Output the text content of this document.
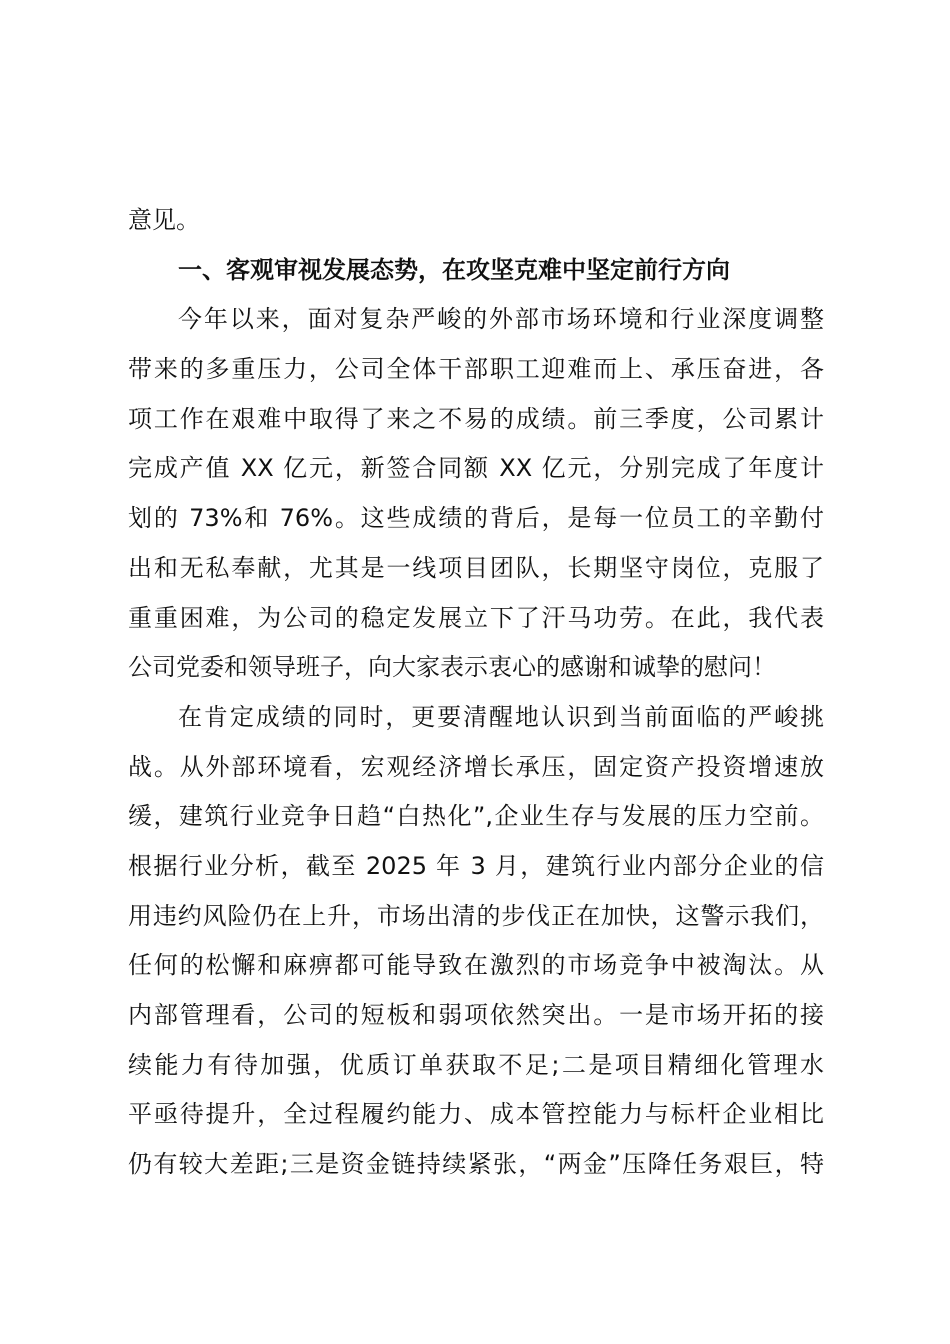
意见。
一、客观审视发展态势，在攻坚克难中坚定前行方向
今年以来，面对复杂严峻的外部市场环境和行业深度调整
带来的多重压力，公司全体干部职工迎难而上、承压奋进，各
项工作在艰难中取得了来之不易的成绩。前三季度，公司累计
完成产值 XX 亿元，新签合同额 XX 亿元，分别完成了年度计
划的 73%和 76%。这些成绩的背后，是每一位员工的辛勤付
出和无私奉献，尤其是一线项目团队，长期坚守岗位，克服了
重重困难，为公司的稳定发展立下了汗马功劳。在此，我代表
公司党委和领导班子，向大家表示衷心的感谢和诚挚的慰问！
在肯定成绩的同时，更要清醒地认识到当前面临的严峻挑
战。从外部环境看，宏观经济增长承压，固定资产投资增速放
缓，建筑行业竞争日趋“白热化”,企业生存与发展的压力空前。
根据行业分析，截至 2025 年 3 月，建筑行业内部分企业的信
用违约风险仍在上升，市场出清的步伐正在加快，这警示我们，
任何的松懈和麻痹都可能导致在激烈的市场竞争中被淘汰。从
内部管理看，公司的短板和弱项依然突出。一是市场开拓的接
续能力有待加强，优质订单获取不足;二是项目精细化管理水
平亟待提升，全过程履约能力、成本管控能力与标杆企业相比
仍有较大差距;三是资金链持续紧张，“两金”压降任务艰巨，特
